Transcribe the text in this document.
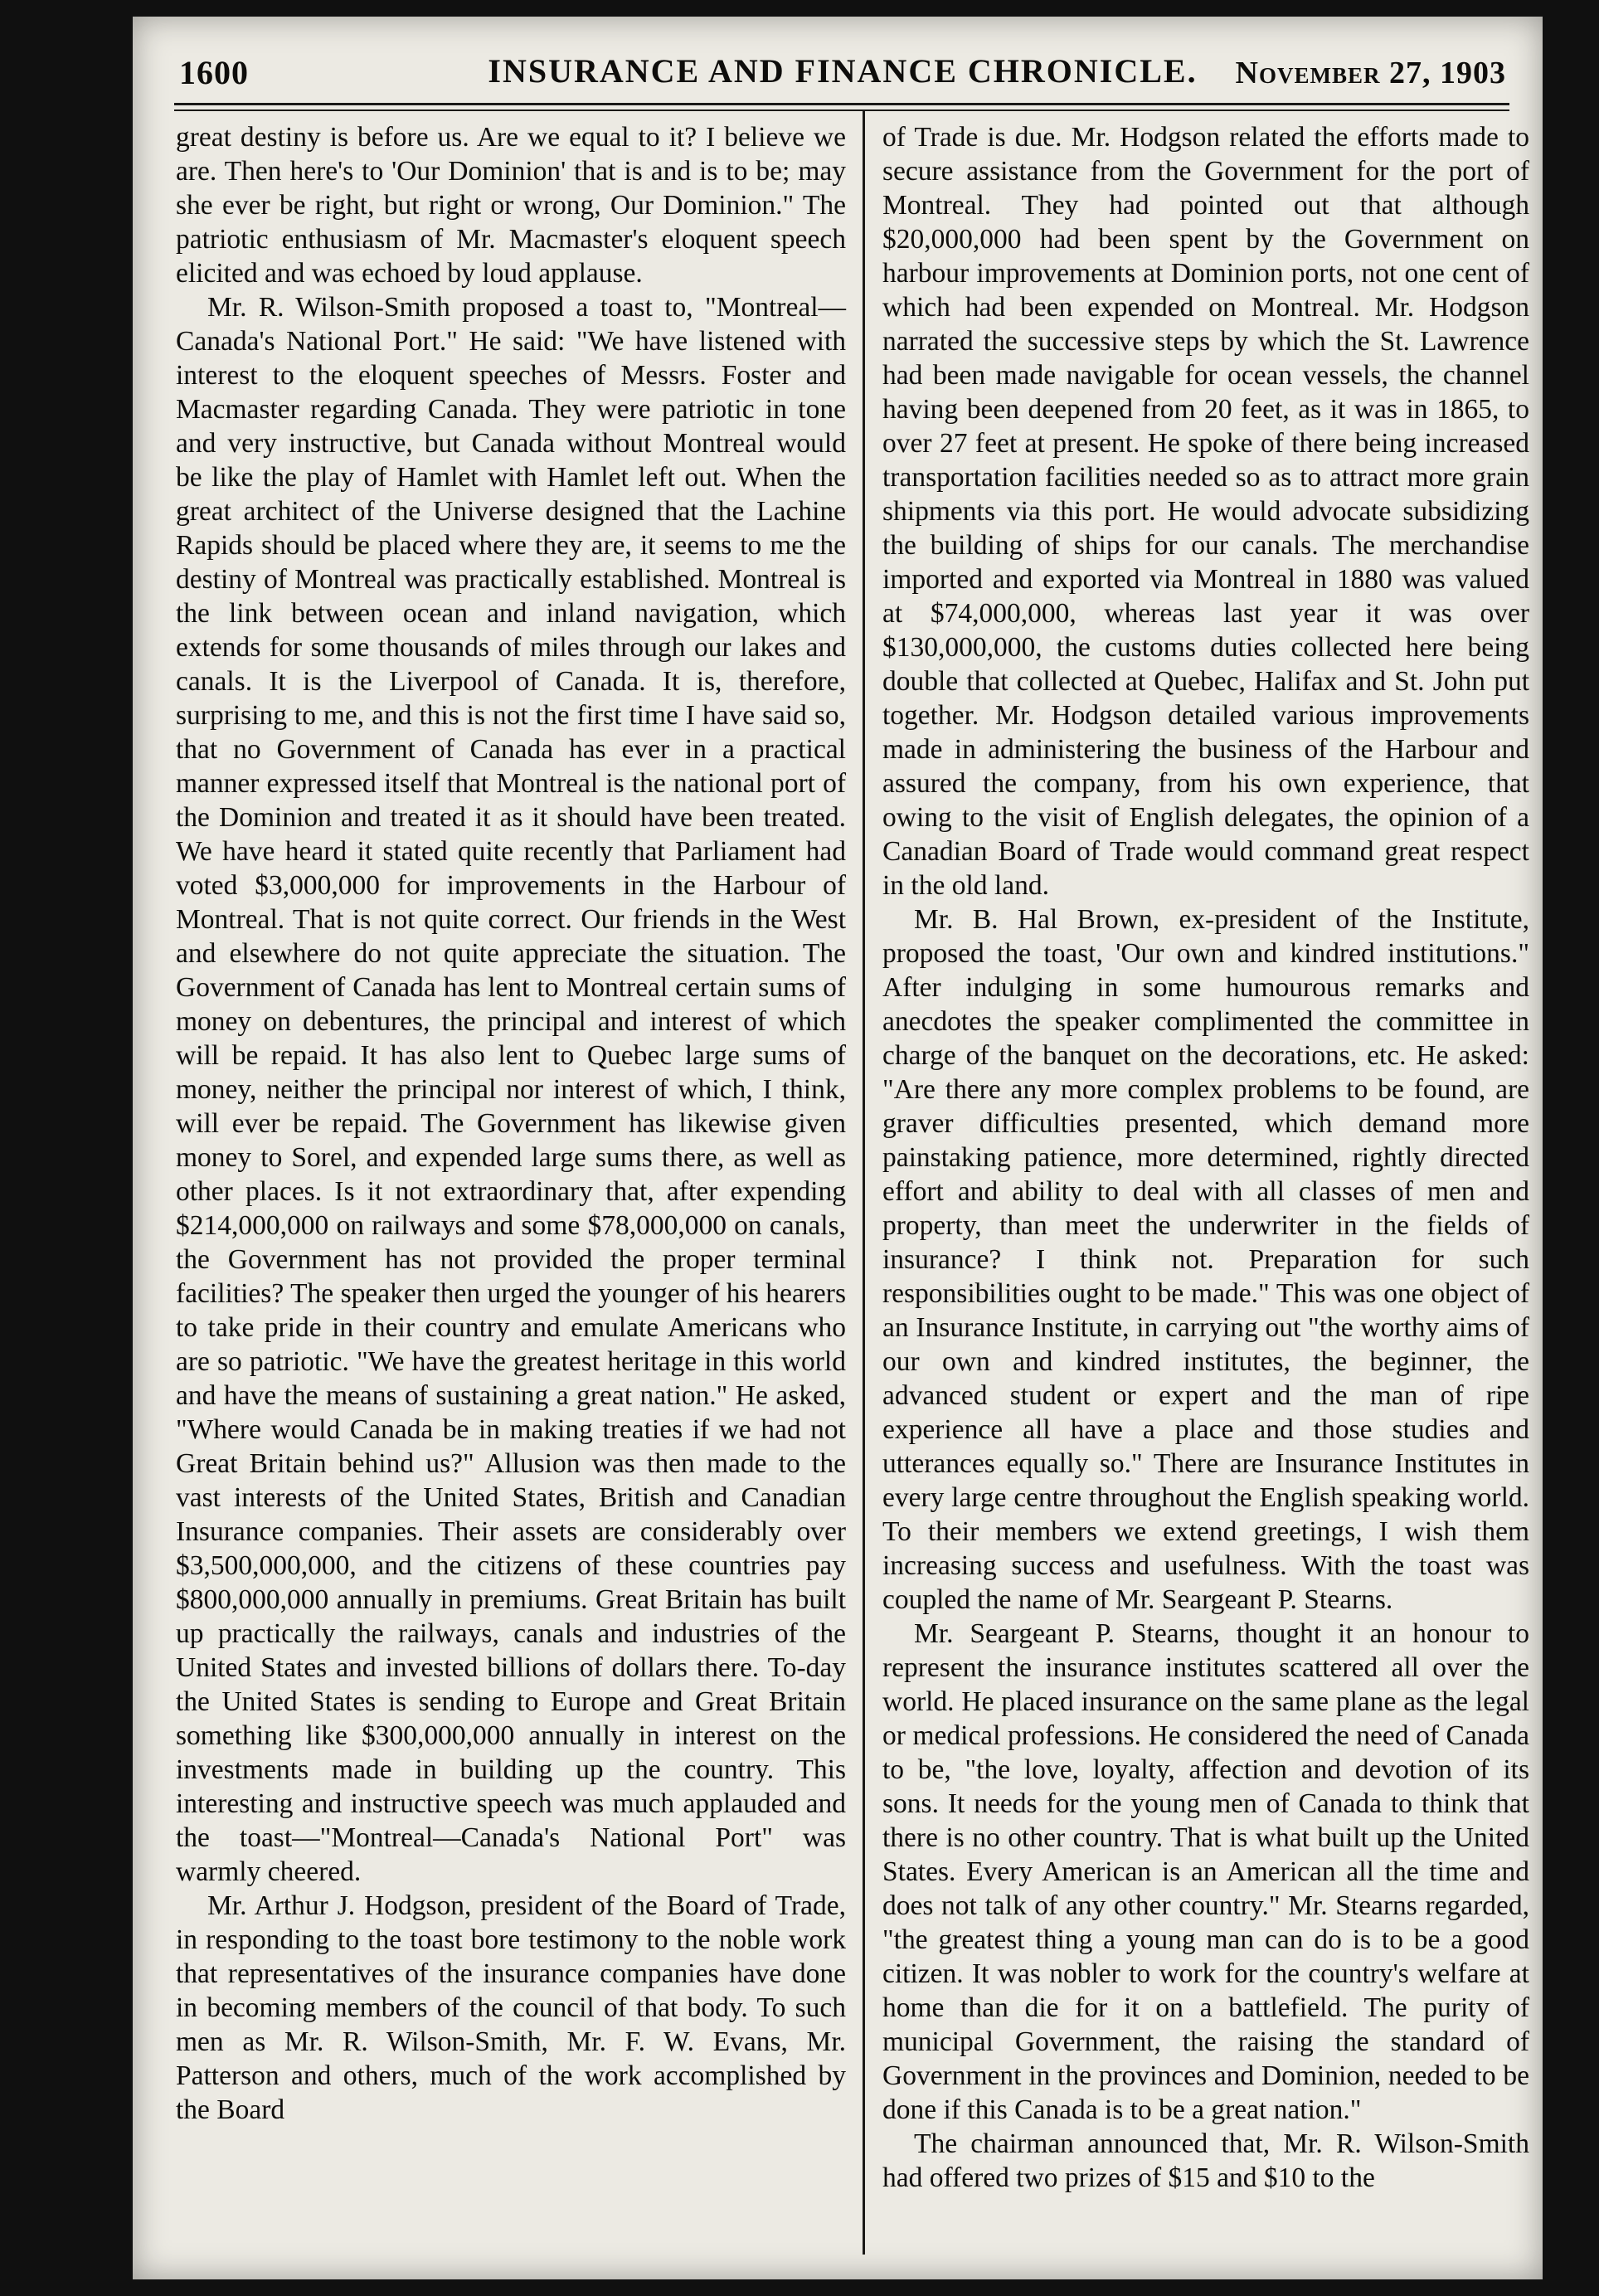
1600	INSURANCE AND FINANCE CHRONICLE.	November 27, 1903

great destiny is before us. Are we equal to it? I believe we are. Then here's to 'Our Dominion' that is and is to be; may she ever be right, but right or wrong, Our Dominion." The patriotic enthusiasm of Mr. Macmaster's eloquent speech elicited and was echoed by loud applause.

Mr. R. Wilson-Smith proposed a toast to, "Montreal—Canada's National Port." He said: "We have listened with interest to the eloquent speeches of Messrs. Foster and Macmaster regarding Canada. They were patriotic in tone and very instructive, but Canada without Montreal would be like the play of Hamlet with Hamlet left out. When the great architect of the Universe designed that the Lachine Rapids should be placed where they are, it seems to me the destiny of Montreal was practically established. Montreal is the link between ocean and inland navigation, which extends for some thousands of miles through our lakes and canals. It is the Liverpool of Canada. It is, therefore, surprising to me, and this is not the first time I have said so, that no Government of Canada has ever in a practical manner expressed itself that Montreal is the national port of the Dominion and treated it as it should have been treated. We have heard it stated quite recently that Parliament had voted $3,000,000 for improvements in the Harbour of Montreal. That is not quite correct. Our friends in the West and elsewhere do not quite appreciate the situation. The Government of Canada has lent to Montreal certain sums of money on debentures, the principal and interest of which will be repaid. It has also lent to Quebec large sums of money, neither the principal nor interest of which, I think, will ever be repaid. The Government has likewise given money to Sorel, and expended large sums there, as well as other places. Is it not extraordinary that, after expending $214,000,000 on railways and some $78,000,000 on canals, the Government has not provided the proper terminal facilities? The speaker then urged the younger of his hearers to take pride in their country and emulate Americans who are so patriotic. "We have the greatest heritage in this world and have the means of sustaining a great nation." He asked, "Where would Canada be in making treaties if we had not Great Britain behind us?" Allusion was then made to the vast interests of the United States, British and Canadian Insurance companies. Their assets are considerably over $3,500,000,000, and the citizens of these countries pay $800,000,000 annually in premiums. Great Britain has built up practically the railways, canals and industries of the United States and invested billions of dollars there. To-day the United States is sending to Europe and Great Britain something like $300,000,000 annually in interest on the investments made in building up the country. This interesting and instructive speech was much applauded and the toast—"Montreal—Canada's National Port" was warmly cheered.

Mr. Arthur J. Hodgson, president of the Board of Trade, in responding to the toast bore testimony to the noble work that representatives of the insurance companies have done in becoming members of the council of that body. To such men as Mr. R. Wilson-Smith, Mr. F. W. Evans, Mr. Patterson and others, much of the work accomplished by the Board

of Trade is due. Mr. Hodgson related the efforts made to secure assistance from the Government for the port of Montreal. They had pointed out that although $20,000,000 had been spent by the Government on harbour improvements at Dominion ports, not one cent of which had been expended on Montreal. Mr. Hodgson narrated the successive steps by which the St. Lawrence had been made navigable for ocean vessels, the channel having been deepened from 20 feet, as it was in 1865, to over 27 feet at present. He spoke of there being increased transportation facilities needed so as to attract more grain shipments via this port. He would advocate subsidizing the building of ships for our canals. The merchandise imported and exported via Montreal in 1880 was valued at $74,000,000, whereas last year it was over $130,000,000, the customs duties collected here being double that collected at Quebec, Halifax and St. John put together. Mr. Hodgson detailed various improvements made in administering the business of the Harbour and assured the company, from his own experience, that owing to the visit of English delegates, the opinion of a Canadian Board of Trade would command great respect in the old land.

Mr. B. Hal Brown, ex-president of the Institute, proposed the toast, 'Our own and kindred institutions." After indulging in some humourous remarks and anecdotes the speaker complimented the committee in charge of the banquet on the decorations, etc. He asked: "Are there any more complex problems to be found, are graver difficulties presented, which demand more painstaking patience, more determined, rightly directed effort and ability to deal with all classes of men and property, than meet the underwriter in the fields of insurance? I think not. Preparation for such responsibilities ought to be made." This was one object of an Insurance Institute, in carrying out "the worthy aims of our own and kindred institutes, the beginner, the advanced student or expert and the man of ripe experience all have a place and those studies and utterances equally so." There are Insurance Institutes in every large centre throughout the English speaking world. To their members we extend greetings, I wish them increasing success and usefulness. With the toast was coupled the name of Mr. Seargeant P. Stearns.

Mr. Seargeant P. Stearns, thought it an honour to represent the insurance institutes scattered all over the world. He placed insurance on the same plane as the legal or medical professions. He considered the need of Canada to be, "the love, loyalty, affection and devotion of its sons. It needs for the young men of Canada to think that there is no other country. That is what built up the United States. Every American is an American all the time and does not talk of any other country." Mr. Stearns regarded, "the greatest thing a young man can do is to be a good citizen. It was nobler to work for the country's welfare at home than die for it on a battlefield. The purity of municipal Government, the raising the standard of Government in the provinces and Dominion, needed to be done if this Canada is to be a great nation."

The chairman announced that, Mr. R. Wilson-Smith had offered two prizes of $15 and $10 to the
